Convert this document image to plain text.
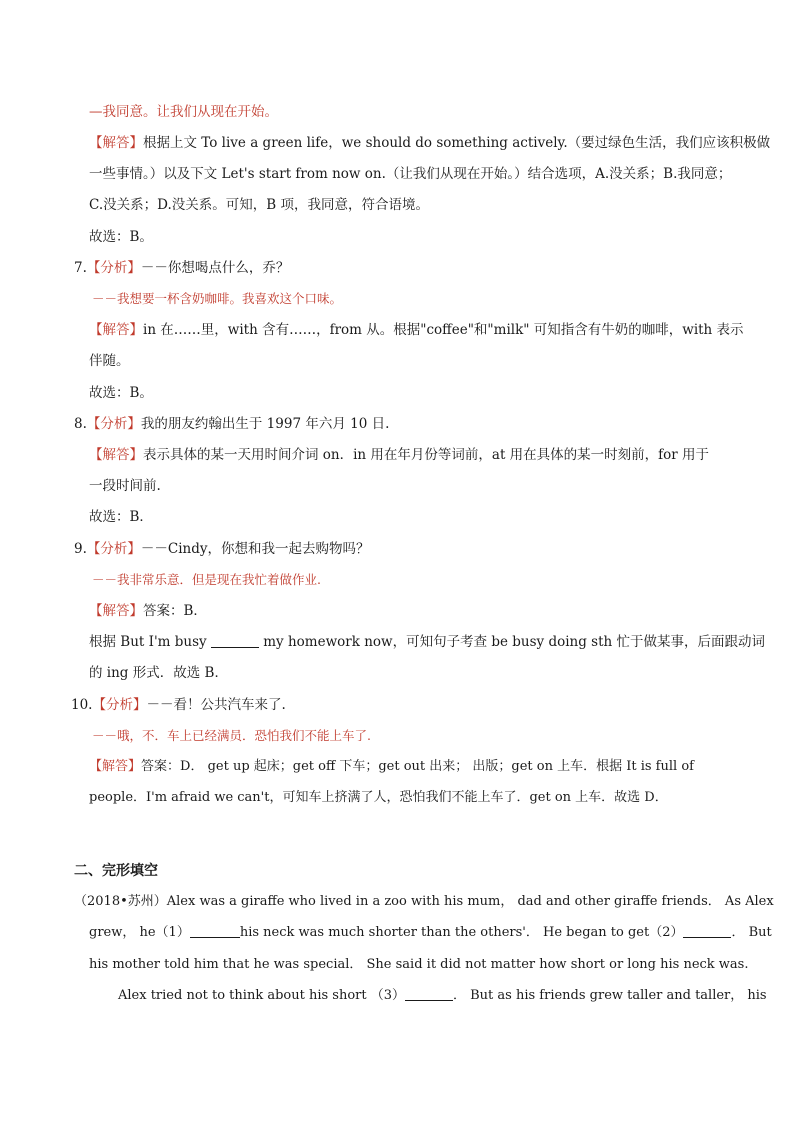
—我同意。让我们从现在开始。
【解答】根据上文 To live a green life，we should do something actively.（要过绿色生活，我们应该积极做
一些事情。）以及下文 Let's start from now on.（让我们从现在开始。）结合选项，A.没关系；B.我同意；
C.没关系；D.没关系。可知，B 项，我同意，符合语境。
故选：B。
7.【分析】－－你想喝点什么，乔？
－－我想要一杯含奶咖啡。我喜欢这个口味。
【解答】in 在……里，with 含有……，from 从。根据"coffee"和"milk" 可知指含有牛奶的咖啡，with 表示
伴随。
故选：B。
8.【分析】我的朋友约翰出生于 1997 年六月 10 日.
【解答】表示具体的某一天用时间介词 on．in 用在年月份等词前，at 用在具体的某一时刻前，for 用于
一段时间前.
故选：B．
9.【分析】－－Cindy，你想和我一起去购物吗？
－－我非常乐意．但是现在我忙着做作业.
【解答】答案：B．
根据 But I'm busy	my homework now，可知句子考查 be busy doing sth 忙于做某事，后面跟动词
的 ing 形式．故选 B．
10.【分析】－－看！公共汽车来了.
－－哦，不．车上已经满员．恐怕我们不能上车了.
【解答】答案：D． get up 起床；get off 下车；get out 出来； 出版；get on 上车．根据 It is full of
people．I'm afraid we can't，可知车上挤满了人，恐怕我们不能上车了．get on 上车．故选 D．
二、完形填空
（2018•苏州）Alex was a giraffe who lived in a zoo with his mum， dad and other giraffe friends． As Alex
grew， he（1）	his neck was much shorter than the others'． He began to get（2）	． But
his mother told him that he was special． She said it did not matter how short or long his neck was.
Alex tried not to think about his short （3）	． But as his friends grew taller and taller， his
